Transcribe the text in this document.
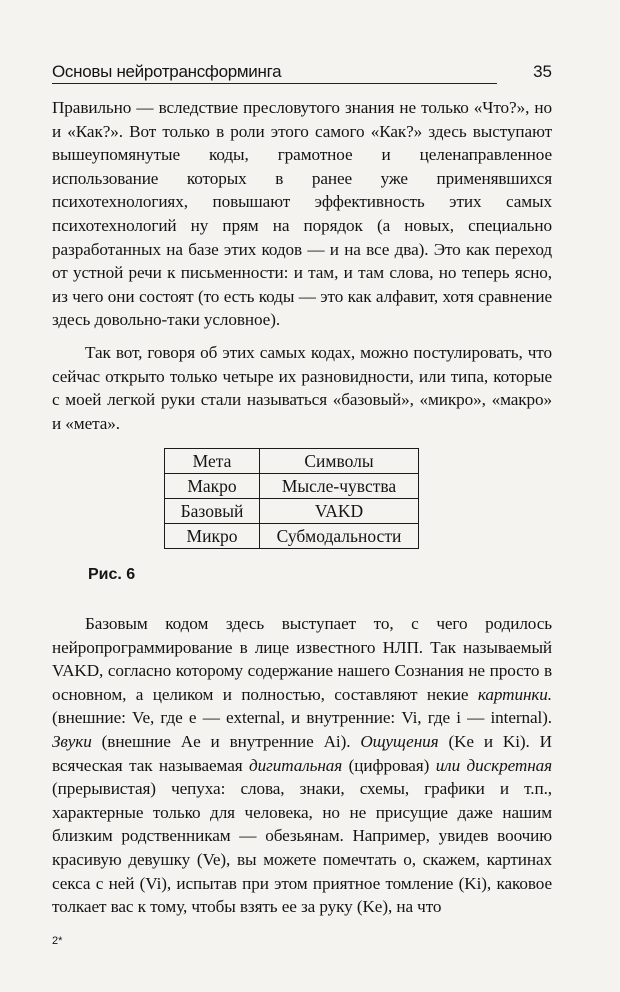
Основы нейротрансформинга	35

Правильно — вследствие пресловутого знания не только «Что?», но и «Как?». Вот только в роли этого самого «Как?» здесь выступают вышеупомянутые коды, грамотное и целенаправленное использование которых в ранее уже применявшихся психотехнологиях, повышают эффективность этих самых психотехнологий ну прям на порядок (а новых, специально разработанных на базе этих кодов — и на все два). Это как переход от устной речи к письменности: и там, и там слова, но теперь ясно, из чего они состоят (то есть коды — это как алфавит, хотя сравнение здесь довольно-таки условное).

Так вот, говоря об этих самых кодах, можно постулировать, что сейчас открыто только четыре их разновидности, или типа, которые с моей легкой руки стали называться «базовый», «микро», «макро» и «мета».

Мета	Символы
Макро	Мысле-чувства
Базовый	VAKD
Микро	Субмодальности
Рис. 6

Базовым кодом здесь выступает то, с чего родилось нейропрограммирование в лице известного НЛП. Так называемый VAKD, согласно которому содержание нашего Сознания не просто в основном, а целиком и полностью, составляют некие картинки. (внешние: Ve, где e — external, и внутренние: Vi, где i — internal). Звуки (внешние Ae и внутренние Ai). Ощущения (Ke и Ki). И всяческая так называемая дигитальная (цифровая) или дискретная (прерывистая) чепуха: слова, знаки, схемы, графики и т.п., характерные только для человека, но не присущие даже нашим близким родственникам — обезьянам. Например, увидев воочию красивую девушку (Ve), вы можете помечтать о, скажем, картинах секса с ней (Vi), испытав при этом приятное томление (Ki), каковое толкает вас к тому, чтобы взять ее за руку (Ke), на что

2*
